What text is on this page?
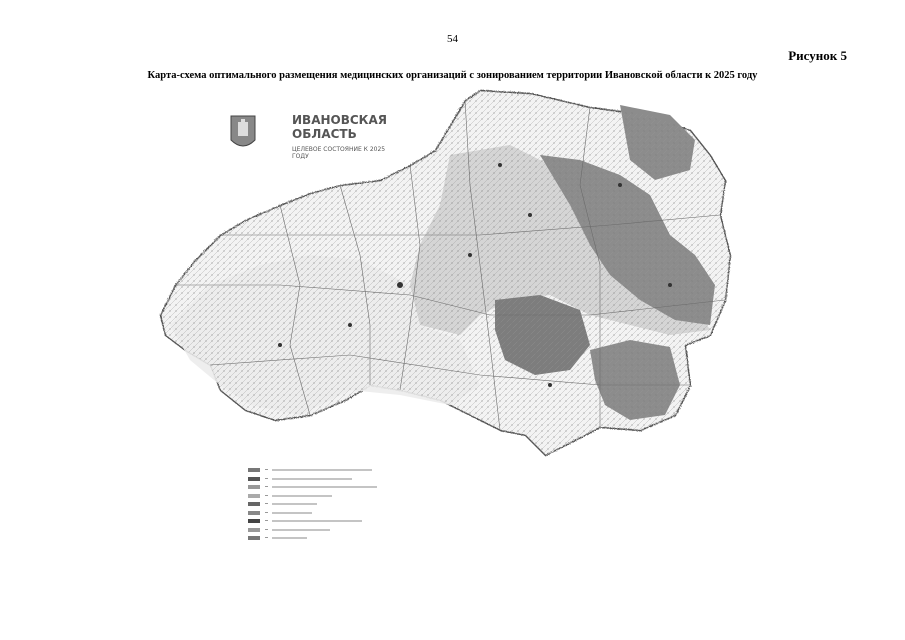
54
Рисунок 5
Карта-схема оптимального размещения медицинских организаций с зонированием территории Ивановской области к 2025 году
ИВАНОВСКАЯ ОБЛАСТЬ
ЦЕЛЕВОЕ СОСТОЯНИЕ К 2025 ГОДУ
